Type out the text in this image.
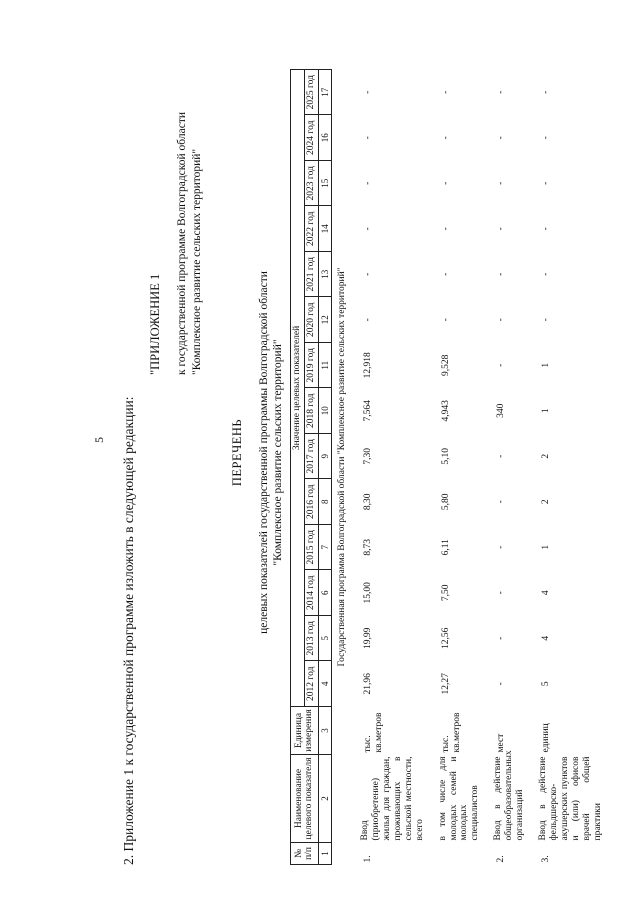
5 2. Приложение 1 к государственной программе изложить в следующей редакции:
"ПРИЛОЖЕНИЕ 1 к государственной программе Волгоградской области "Комплексное развитие сельских территорий"
ПЕРЕЧЕНЬ целевых показателей государственной программы Волгоградской области "Комплексное развитие сельских территорий"
№ п/п	Наименование целевого показателя	Единица измерения	Значение целевых показателей													
			2012 год	2013 год	2014 год	2015 год	2016 год	2017 год	2018 год	2019 год	2020 год	2021 год	2022 год	2023 год	2024 год	2025 год
1	2	3	4	5	6	7	8	9	10	11	12	13	14	15	16	17
Государственная программа Волгоградской области "Комплексное развитие сельских территорий"																
1.	Ввод (приобретение) жилья для граждан, проживающих в сельской местности, всего	тыс. кв.метров	21,96	19,99	15,00	8,73	8,30	7,30	7,564	12,918	-	-	-	-	-	-
	в том числе для молодых семей и молодых специалистов	тыс. кв.метров	12,27	12,56	7,50	6,11	5,80	5,10	4,943	9,528	-	-	-	-	-	-
2.	Ввод в действие общеобразовательных организаций	мест	-	-	-	-	-	-	340	-	-	-	-	-	-	-
3.	Ввод в действие фельдшерско-акушерских пунктов и (или) офисов врачей общей практики	единиц	5	4	4	1	2	2	1	1	-	-	-	-	-	-
